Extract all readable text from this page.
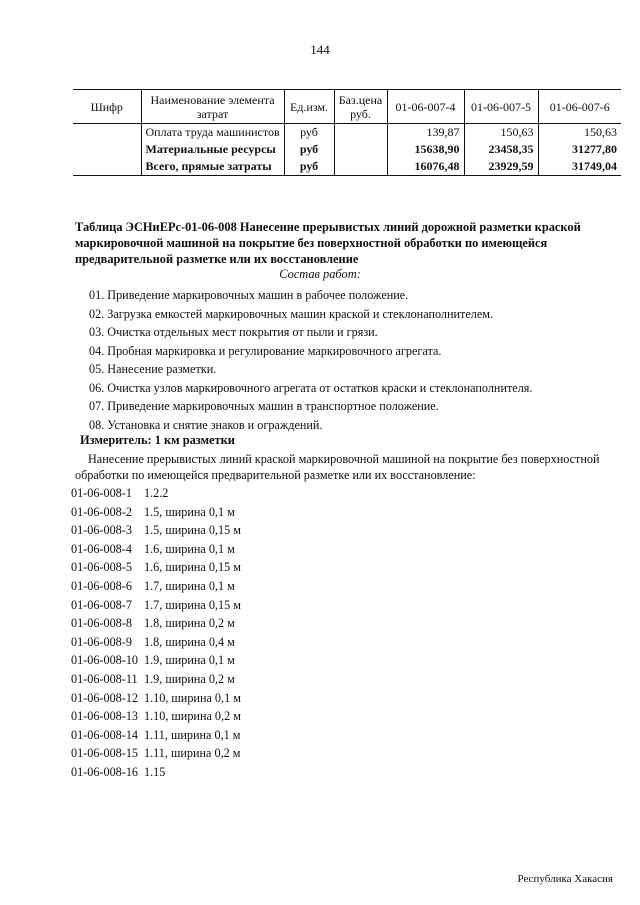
144
Шифр	Наименование элемента затрат	Ед.изм.	Баз.цена руб.	01-06-007-4	01-06-007-5	01-06-007-6
	Оплата труда машинистов	руб		139,87	150,63	150,63
	Материальные ресурсы	руб		15638,90	23458,35	31277,80
	Всего, прямые затраты	руб		16076,48	23929,59	31749,04
Таблица ЭСНиЕРс-01-06-008 Нанесение прерывистых линий дорожной разметки краской маркировочной машиной на покрытие без поверхностной обработки по имеющейся предварительной разметке или их восстановление
Состав работ:
01. Приведение маркировочных машин в рабочее положение.
02. Загрузка емкостей маркировочных машин краской и стеклонаполнителем.
03. Очистка отдельных мест покрытия от пыли и грязи.
04. Пробная маркировка и регулирование маркировочного агрегата.
05. Нанесение разметки.
06. Очистка узлов маркировочного агрегата от остатков краски и стеклонаполнителя.
07. Приведение маркировочных машин в транспортное положение.
08. Установка и снятие знаков и ограждений.
Измеритель: 1 км разметки
Нанесение прерывистых линий краской маркировочной машиной на покрытие без поверхностной обработки по имеющейся предварительной разметке или их восстановление:
01-06-008-1 1.2.2
01-06-008-2 1.5, ширина 0,1 м
01-06-008-3 1.5, ширина 0,15 м
01-06-008-4 1.6, ширина 0,1 м
01-06-008-5 1.6, ширина 0,15 м
01-06-008-6 1.7, ширина 0,1 м
01-06-008-7 1.7, ширина 0,15 м
01-06-008-8 1.8, ширина 0,2 м
01-06-008-9 1.8, ширина 0,4 м
01-06-008-10 1.9, ширина 0,1 м
01-06-008-11 1.9, ширина 0,2 м
01-06-008-12 1.10, ширина 0,1 м
01-06-008-13 1.10, ширина 0,2 м
01-06-008-14 1.11, ширина 0,1 м
01-06-008-15 1.11, ширина 0,2 м
01-06-008-16 1.15
Республика Хакасия
